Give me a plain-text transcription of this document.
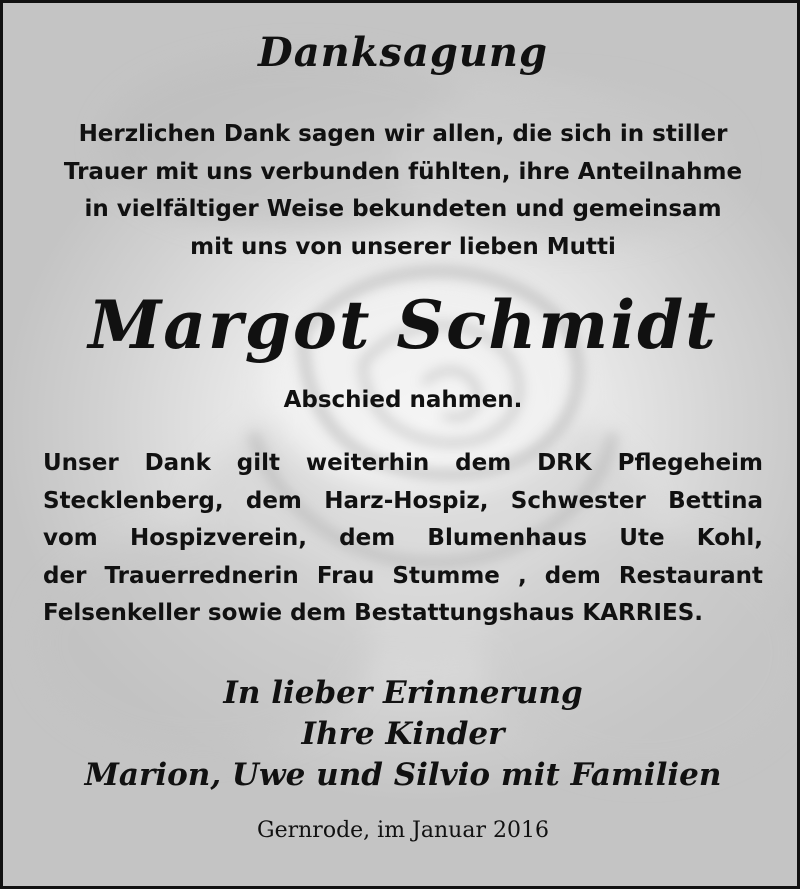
Danksagung
Herzlichen Dank sagen wir allen, die sich in stiller
Trauer mit uns verbunden fühlten, ihre Anteilnahme
in vielfältiger Weise bekundeten und gemeinsam
mit uns von unserer lieben Mutti
Margot Schmidt
Abschied nahmen.
Unser Dank gilt weiterhin dem DRK Pflegeheim
Stecklenberg, dem Harz-Hospiz, Schwester Bettina
vom Hospizverein, dem Blumenhaus Ute Kohl,
der Trauerrednerin Frau Stumme , dem Restaurant
Felsenkeller sowie dem Bestattungshaus KARRIES.
In lieber Erinnerung
Ihre Kinder
Marion, Uwe und Silvio mit Familien
Gernrode, im Januar 2016
